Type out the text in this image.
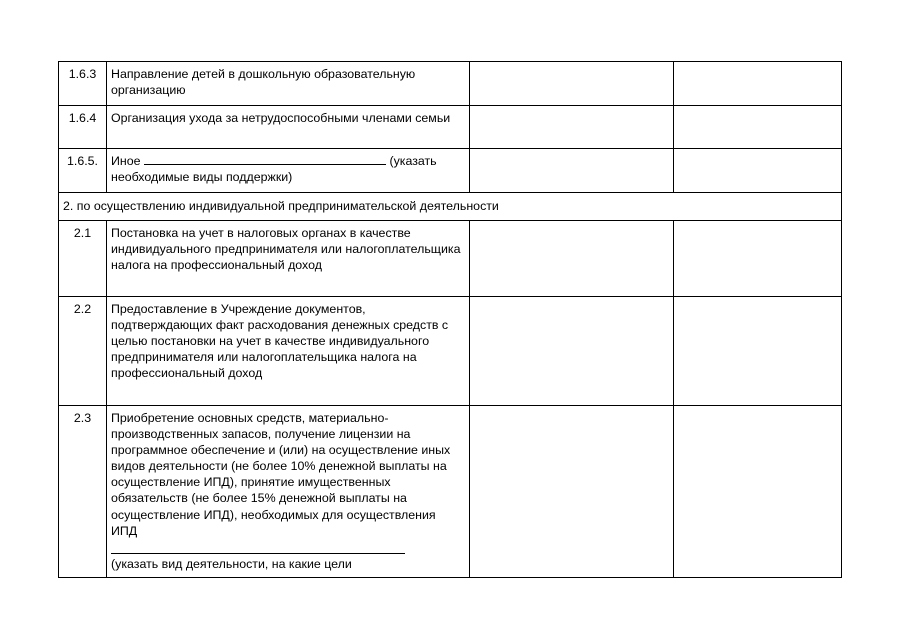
1.6.3	Направление детей в дошкольную образовательную организацию		
1.6.4	Организация ухода за нетрудоспособными членами семьи		
1.6.5.	Иное (указать необходимые виды поддержки)		
2. по осуществлению индивидуальной предпринимательской деятельности			
2.1	Постановка на учет в налоговых органах в качестве индивидуального предпринимателя или налогоплательщика налога на профессиональный доход		
2.2	Предоставление в Учреждение документов, подтверждающих факт расходования денежных средств с целью постановки на учет в качестве индивидуального предпринимателя или налогоплательщика налога на профессиональный доход		
2.3	Приобретение основных средств, материально-производственных запасов, получение лицензии на программное обеспечение и (или) на осуществление иных видов деятельности (не более 10% денежной выплаты на осуществление ИПД), принятие имущественных обязательств (не более 15% денежной выплаты на осуществление ИПД), необходимых для осуществления ИПД
(указать вид деятельности, на какие цели		
